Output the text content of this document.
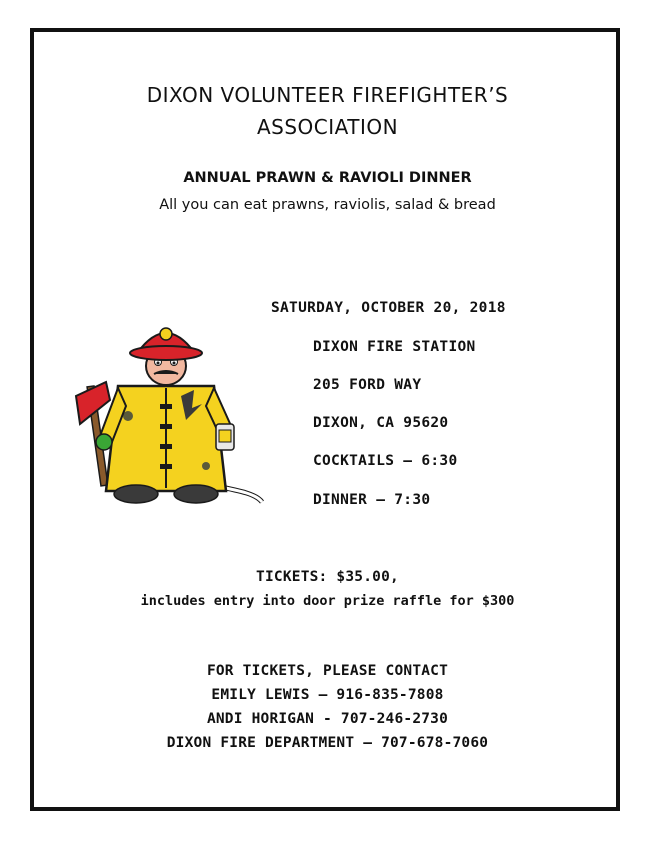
DIXON VOLUNTEER FIREFIGHTER’S
ASSOCIATION
ANNUAL PRAWN & RAVIOLI DINNER
All you can eat prawns, raviolis, salad & bread
SATURDAY, OCTOBER 20, 2018
DIXON FIRE STATION
205 FORD WAY
DIXON, CA 95620
COCKTAILS – 6:30
DINNER – 7:30
TICKETS: $35.00,
includes entry into door prize raffle for $300
FOR TICKETS, PLEASE CONTACT
EMILY LEWIS – 916-835-7808
ANDI HORIGAN - 707-246-2730
DIXON FIRE DEPARTMENT – 707-678-7060
